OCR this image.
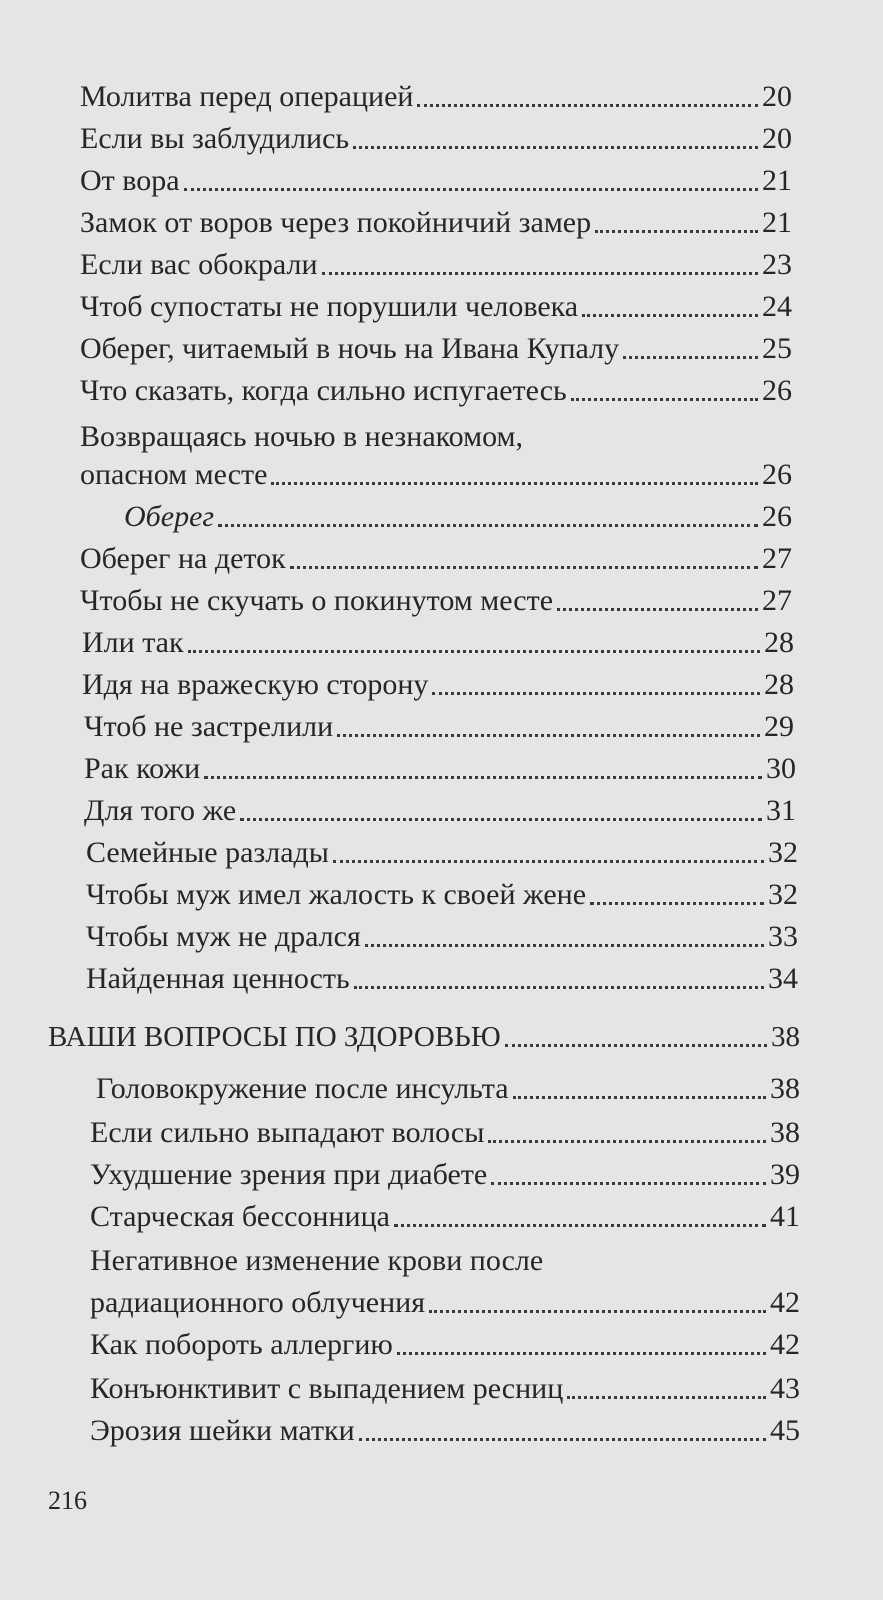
Молитва перед операцией	20
Если вы заблудились	20
От вора	21
Замок от воров через покойничий замер	21
Если вас обокрали	23
Чтоб супостаты не порушили человека	24
Оберег, читаемый в ночь на Ивана Купалу	25
Что сказать, когда сильно испугаетесь	26
Возвращаясь ночью в незнакомом,
опасном месте	26
Оберег	26
Оберег на деток	27
Чтобы не скучать о покинутом месте	27
Или так	28
Идя на вражескую сторону	28
Чтоб не застрелили	29
Рак кожи	30
Для того же	31
Семейные разлады	32
Чтобы муж имел жалость к своей жене	32
Чтобы муж не дрался	33
Найденная ценность	34
ВАШИ ВОПРОСЫ ПО ЗДОРОВЬЮ	38
Головокружение после инсульта	38
Если сильно выпадают волосы	38
Ухудшение зрения при диабете	39
Старческая бессонница	41
Негативное изменение крови после
радиационного облучения	42
Как побороть аллергию	42
Конъюнктивит с выпадением ресниц	43
Эрозия шейки матки	45
216
